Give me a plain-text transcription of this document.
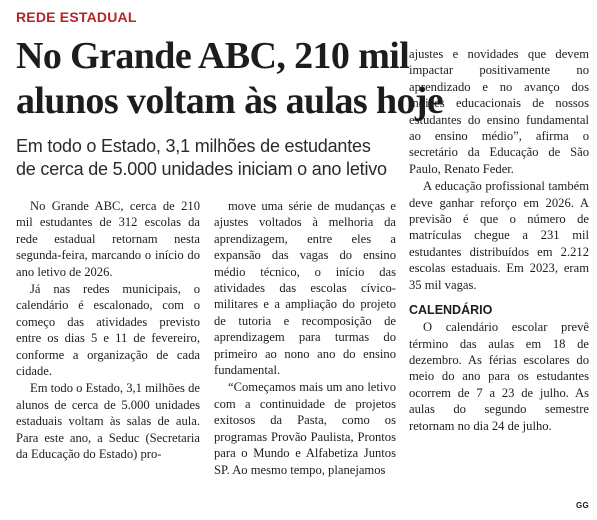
REDE ESTADUAL
No Grande ABC, 210 mil
alunos voltam às aulas hoje
Em todo o Estado, 3,1 milhões de estudantes
de cerca de 5.000 unidades iniciam o ano letivo

No Grande ABC, cerca de 210 mil estudantes de 312 escolas da rede estadual retornam nesta segunda-feira, marcando o início do ano letivo de 2026.

Já nas redes municipais, o calendário é escalonado, com o começo das atividades previsto entre os dias 5 e 11 de fevereiro, conforme a organização de cada cidade.

Em todo o Estado, 3,1 milhões de alunos de cerca de 5.000 unidades estaduais voltam às salas de aula. Para este ano, a Seduc (Secretaria da Educação do Estado) pro-

move uma série de mudanças e ajustes voltados à melhoria da aprendizagem, entre eles a expansão das vagas do ensino médio técnico, o início das atividades das escolas cívico-militares e a ampliação do projeto de tutoria e recomposição de aprendizagem para turmas do primeiro ao nono ano do ensino fundamental.

“Começamos mais um ano letivo com a continuidade de projetos exitosos da Pasta, como os programas Provão Paulista, Prontos para o Mundo e Alfabetiza Juntos SP. Ao mesmo tempo, planejamos

ajustes e novidades que devem impactar positivamente no aprendizado e no avanço dos índices educacionais de nossos estudantes do ensino fundamental ao ensino médio”, afirma o secretário da Educação de São Paulo, Renato Feder.

A educação profissional também deve ganhar reforço em 2026. A previsão é que o número de matrículas chegue a 231 mil estudantes distribuídos em 2.212 escolas estaduais. Em 2023, eram 35 mil vagas.

CALENDÁRIO

O calendário escolar prevê término das aulas em 18 de dezembro. As férias escolares do meio do ano para os estudantes ocorrem de 7 a 23 de julho. As aulas do segundo semestre retornam no dia 24 de julho.

GG
